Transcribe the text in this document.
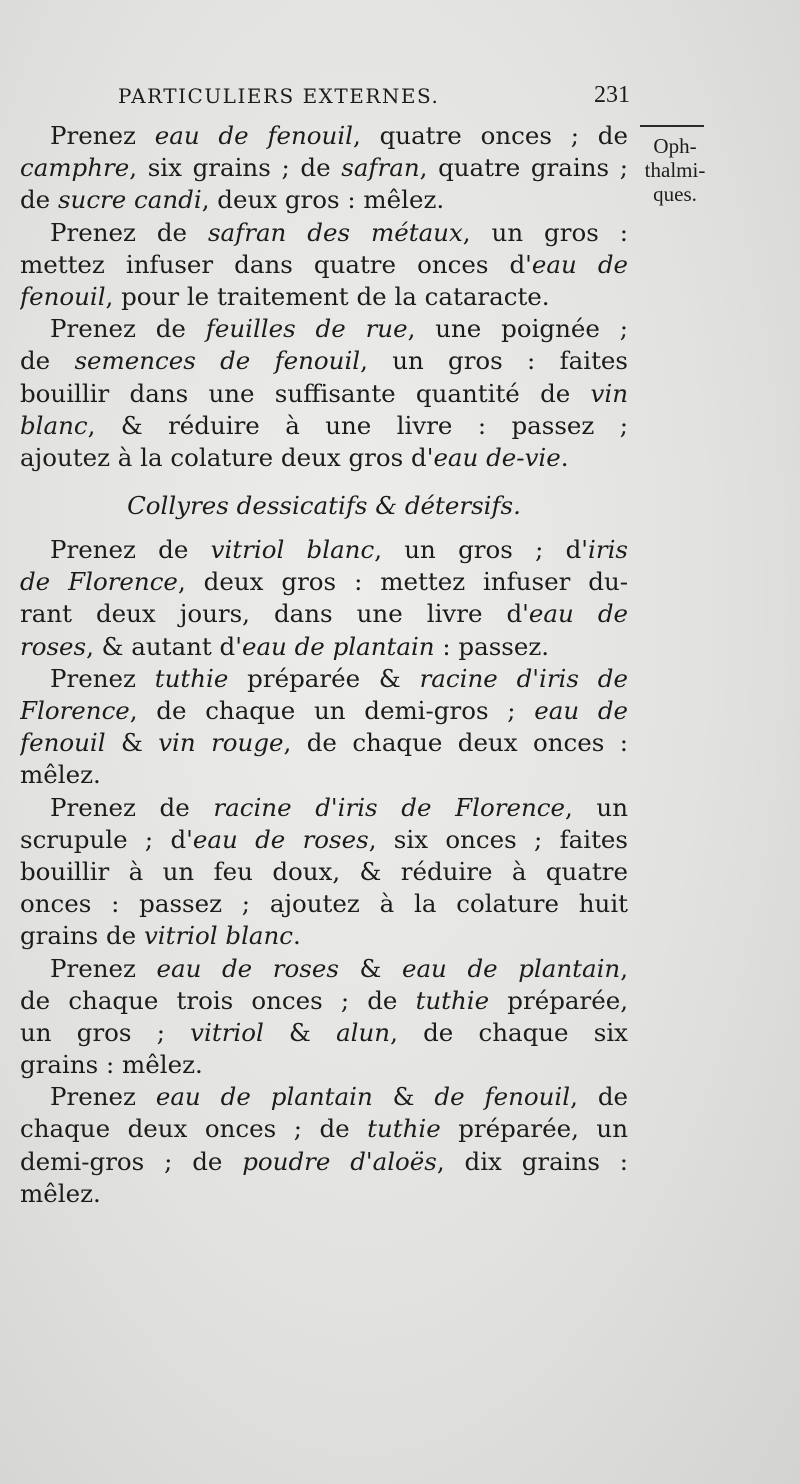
PARTICULIERS EXTERNES.	231
Oph-
thalmi-
ques.
Prenez eau de fenouil, quatre onces ; de
camphre, six grains ; de safran, quatre grains ;
de sucre candi, deux gros : mêlez.
Prenez de safran des métaux, un gros :
mettez infuser dans quatre onces d'eau de
fenouil, pour le traitement de la cataracte.
Prenez de feuilles de rue, une poignée ;
de semences de fenouil, un gros : faites
bouillir dans une suffisante quantité de vin
blanc, & réduire à une livre : passez ;
ajoutez à la colature deux gros d'eau de-vie.
Collyres dessicatifs & détersifs.
Prenez de vitriol blanc, un gros ; d'iris
de Florence, deux gros : mettez infuser du-
rant deux jours, dans une livre d'eau de
roses, & autant d'eau de plantain : passez.
Prenez tuthie préparée & racine d'iris de
Florence, de chaque un demi-gros ; eau de
fenouil & vin rouge, de chaque deux onces :
mêlez.
Prenez de racine d'iris de Florence, un
scrupule ; d'eau de roses, six onces ; faites
bouillir à un feu doux, & réduire à quatre
onces : passez ; ajoutez à la colature huit
grains de vitriol blanc.
Prenez eau de roses & eau de plantain,
de chaque trois onces ; de tuthie préparée,
un gros ; vitriol & alun, de chaque six
grains : mêlez.
Prenez eau de plantain & de fenouil, de
chaque deux onces ; de tuthie préparée, un
demi-gros ; de poudre d'aloës, dix grains :
mêlez.
